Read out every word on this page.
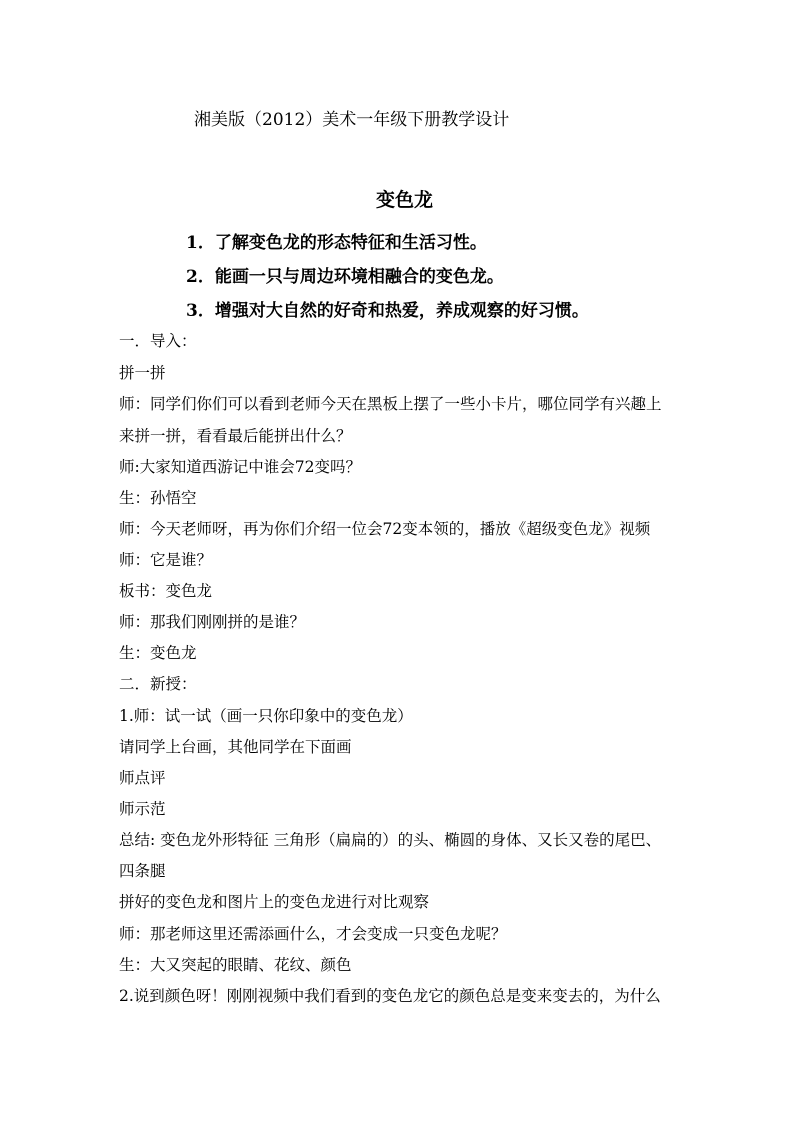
湘美版（2012）美术一年级下册教学设计
变色龙
1．了解变色龙的形态特征和生活习性。
2．能画一只与周边环境相融合的变色龙。
3．增强对大自然的好奇和热爱，养成观察的好习惯。
一．导入：
拼一拼
师：同学们你们可以看到老师今天在黑板上摆了一些小卡片，哪位同学有兴趣上
来拼一拼，看看最后能拼出什么？
师:大家知道西游记中谁会72变吗？
生：孙悟空
师：今天老师呀，再为你们介绍一位会72变本领的，播放《超级变色龙》视频
师：它是谁？
板书：变色龙
师：那我们刚刚拼的是谁？
生：变色龙
二．新授：
1.师：试一试（画一只你印象中的变色龙）
请同学上台画，其他同学在下面画
师点评
师示范
总结: 变色龙外形特征 三角形（扁扁的）的头、椭圆的身体、又长又卷的尾巴、
四条腿
拼好的变色龙和图片上的变色龙进行对比观察
师：那老师这里还需添画什么，才会变成一只变色龙呢？
生：大又突起的眼睛、花纹、颜色
2.说到颜色呀！刚刚视频中我们看到的变色龙它的颜色总是变来变去的，为什么
